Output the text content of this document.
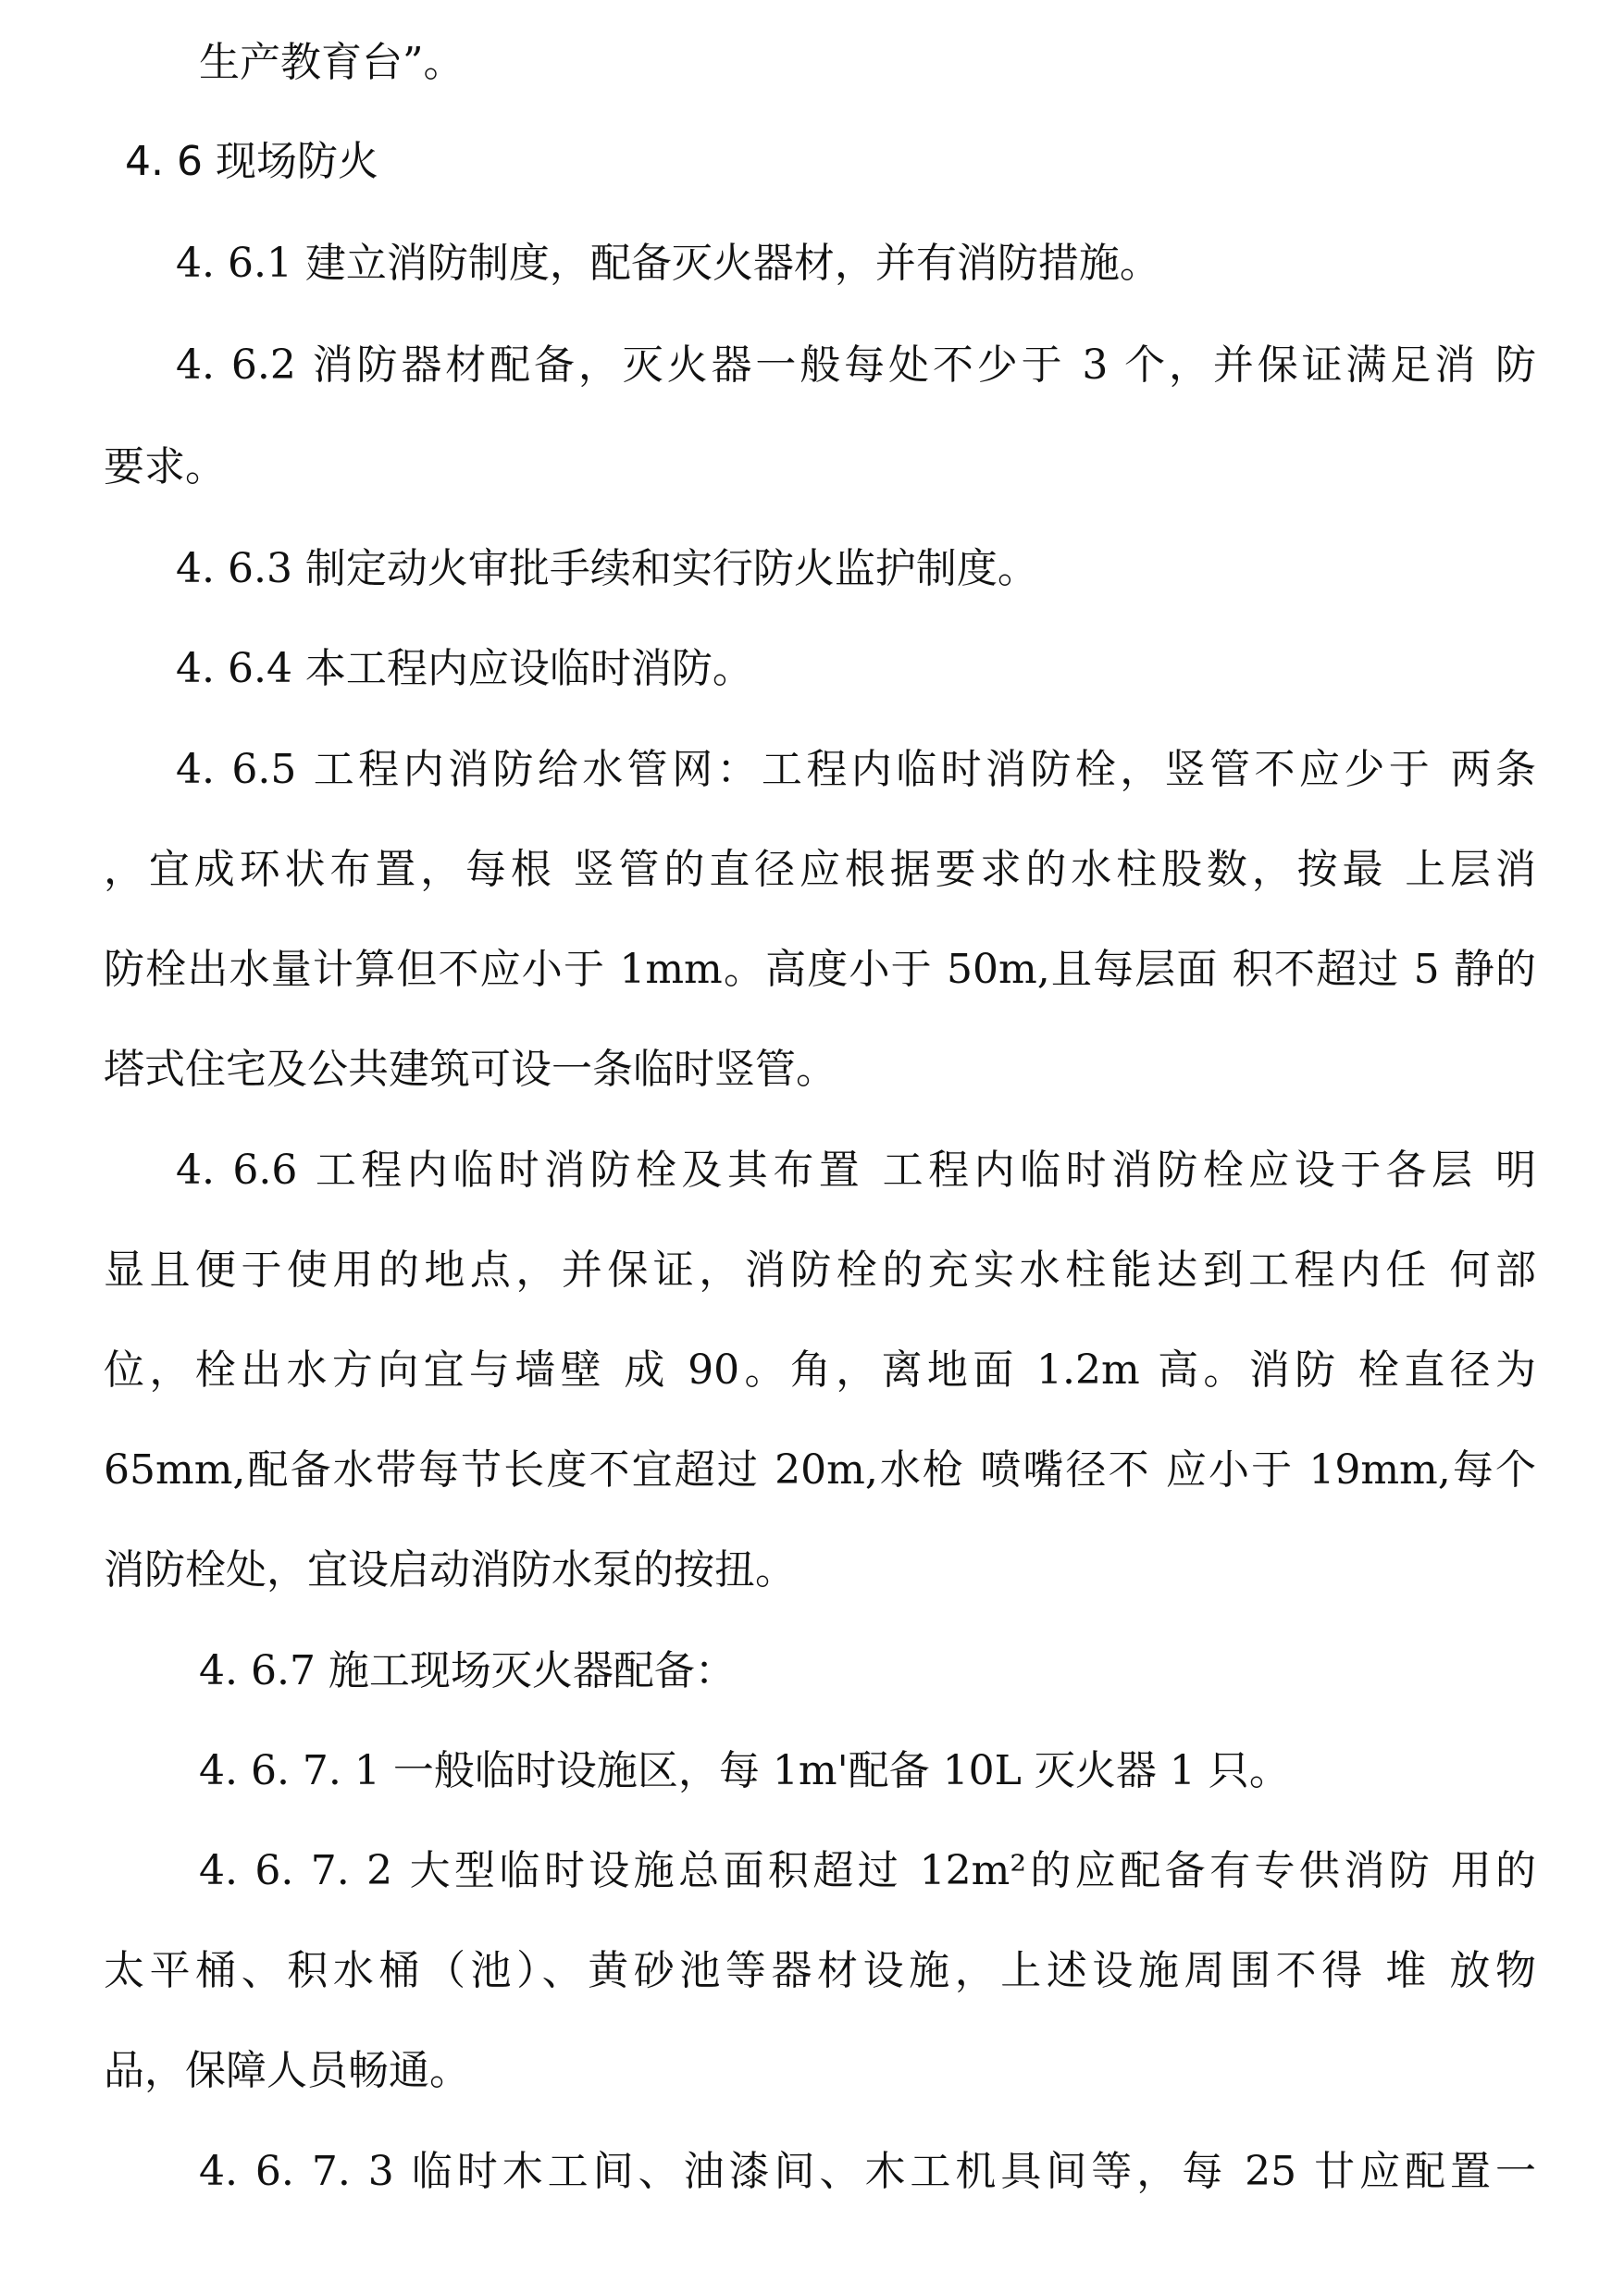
生产教育台”。
4. 6 现场防火
4. 6.1 建立消防制度，配备灭火器材，并有消防措施。
4. 6.2 消防器材配备，灭火器一般每处不少于 3 个，并保证满足消 防
要求。
4. 6.3 制定动火审批手续和实行防火监护制度。
4. 6.4 本工程内应设临时消防。
4. 6.5 工程内消防给水管网：工程内临时消防栓，竖管不应少于 两条
，宜成环状布置，每根 竖管的直径应根据要求的水柱股数，按最 上层消
防栓出水量计算但不应小于 1mm。高度小于 50m,且每层面 积不超过 5 静的
塔式住宅及公共建筑可设一条临时竖管。
4. 6.6 工程内临时消防栓及其布置 工程内临时消防栓应设于各层 明
显且便于使用的地点，并保证，消防栓的充实水柱能达到工程内任 何部
位，栓出水方向宜与墙壁 成 90。角，离地面 1.2m 高。消防 栓直径为
65mm,配备水带每节长度不宜超过 20m,水枪 喷嘴径不 应小于 19mm,每个
消防栓处，宜设启动消防水泵的按扭。
4. 6.7 施工现场灭火器配备：
4. 6. 7. 1 一般临时设施区，每 1m'配备 10L 灭火器 1 只。
4. 6. 7. 2 大型临时设施总面积超过 12m²的应配备有专供消防 用的
太平桶、积水桶（池）、黄砂池等器材设施，上述设施周围不得 堆 放物
品，保障人员畅通。
4. 6. 7. 3 临时木工间、油漆间、木工机具间等，每 25 廿应配置一
